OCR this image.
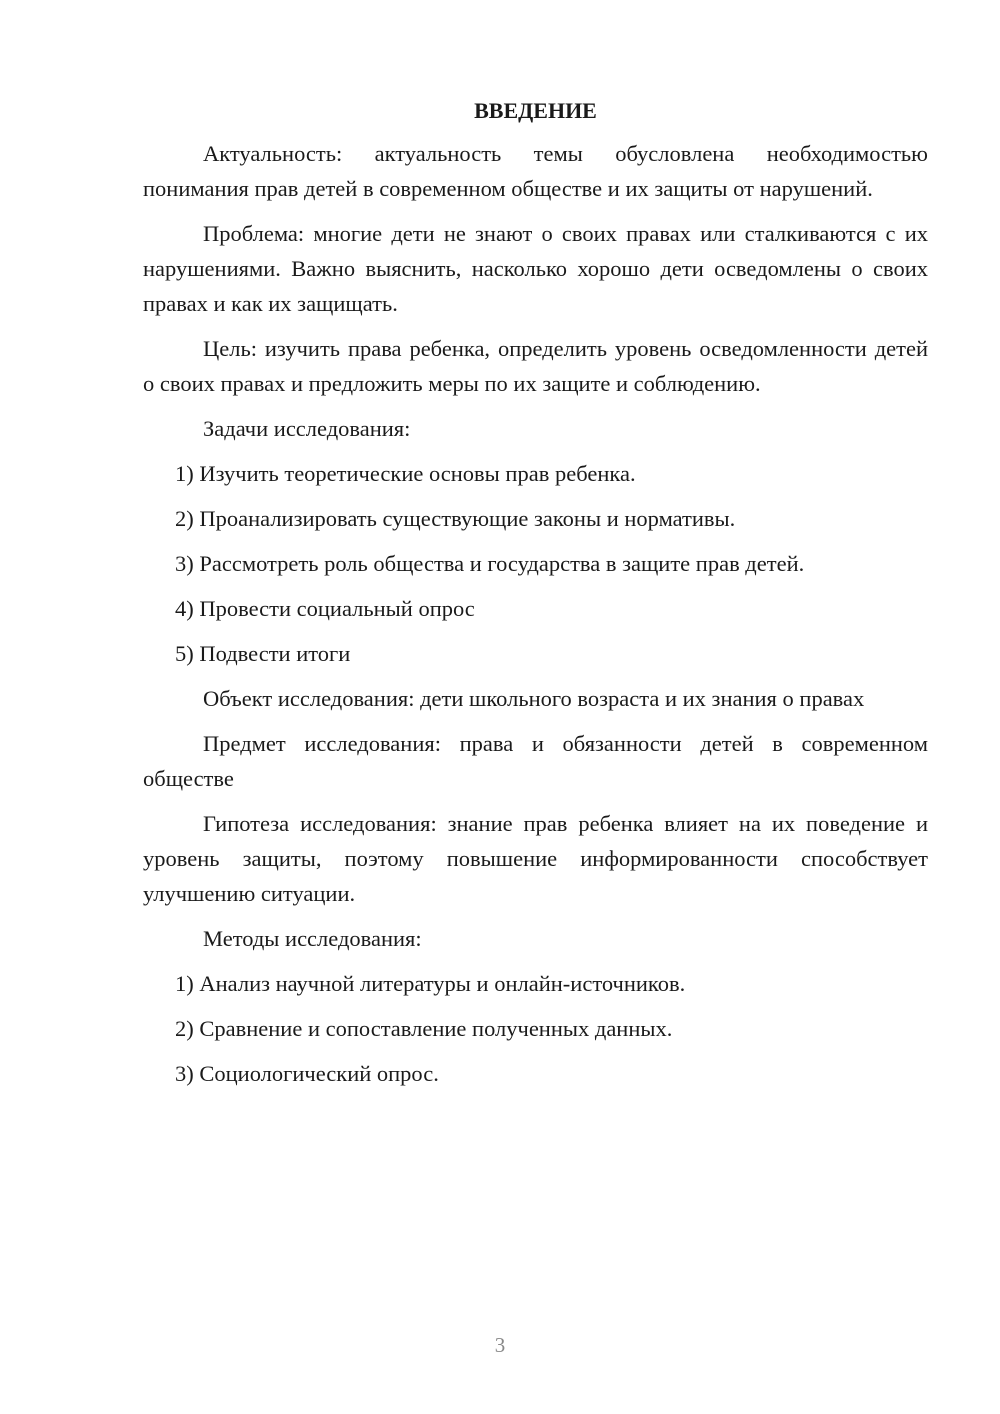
ВВЕДЕНИЕ

Актуальность: актуальность темы обусловлена необходимостью понимания прав детей в современном обществе и их защиты от нарушений.

Проблема: многие дети не знают о своих правах или сталкиваются с их нарушениями. Важно выяснить, насколько хорошо дети осведомлены о своих правах и как их защищать.

Цель: изучить права ребенка, определить уровень осведомленности детей о своих правах и предложить меры по их защите и соблюдению.

Задачи исследования:

1) Изучить теоретические основы прав ребенка.
2) Проанализировать существующие законы и нормативы.
3) Рассмотреть роль общества и государства в защите прав детей.
4) Провести социальный опрос
5) Подвести итоги

Объект исследования: дети школьного возраста и их знания о правах

Предмет исследования: права и обязанности детей в современном обществе

Гипотеза исследования: знание прав ребенка влияет на их поведение и уровень защиты, поэтому повышение информированности способствует улучшению ситуации.

Методы исследования:

1) Анализ научной литературы и онлайн-источников.
2) Сравнение и сопоставление полученных данных.
3) Социологический опрос.
3
